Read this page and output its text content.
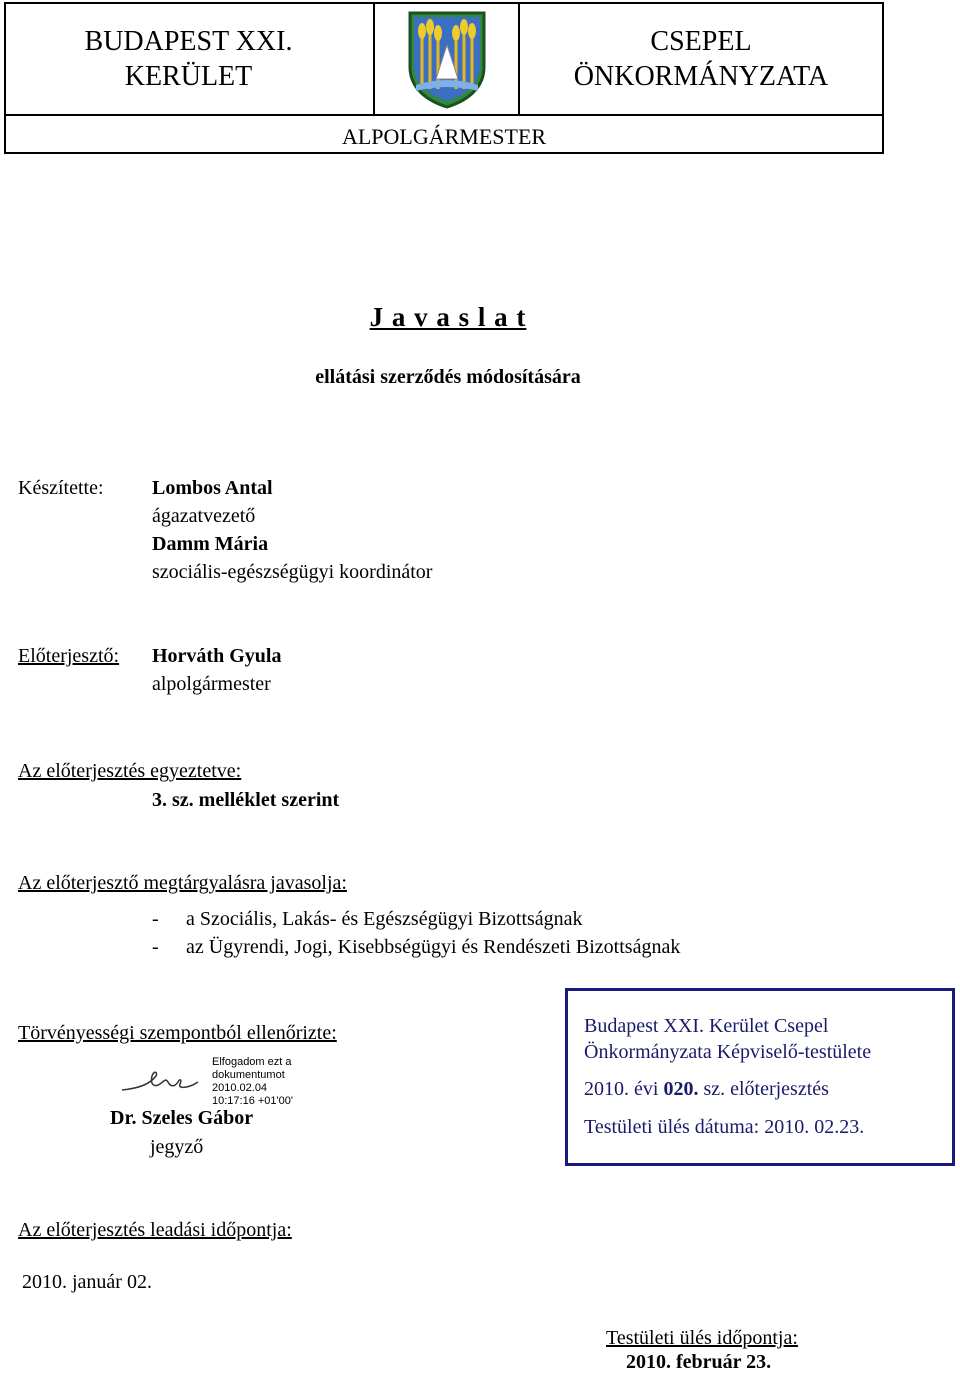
BUDAPEST XXI.
KERÜLET
CSEPEL
ÖNKORMÁNYZATA
ALPOLGÁRMESTER
J a v a s l a t
ellátási szerződés módosítására
Készítette: Lombos Antal
ágazatvezető
Damm Mária
szociális-egészségügyi koordinátor
Előterjesztő: Horváth Gyula
alpolgármester
Az előterjesztés egyeztetve:
3. sz. melléklet szerint
Az előterjesztő megtárgyalásra javasolja:
- a Szociális, Lakás- és Egészségügyi Bizottságnak
- az Ügyrendi, Jogi, Kisebbségügyi és Rendészeti Bizottságnak
Törvényességi szempontból ellenőrizte:
Elfogadom ezt a
dokumentumot
2010.02.04
10:17:16 +01'00'
Dr. Szeles Gábor
jegyző
Budapest XXI. Kerület Csepel
Önkormányzata Képviselő-testülete
2010. évi 020. sz. előterjesztés
Testületi ülés dátuma: 2010. 02.23.
Az előterjesztés leadási időpontja:
2010. január 02.
Testületi ülés időpontja:
2010. február 23.
